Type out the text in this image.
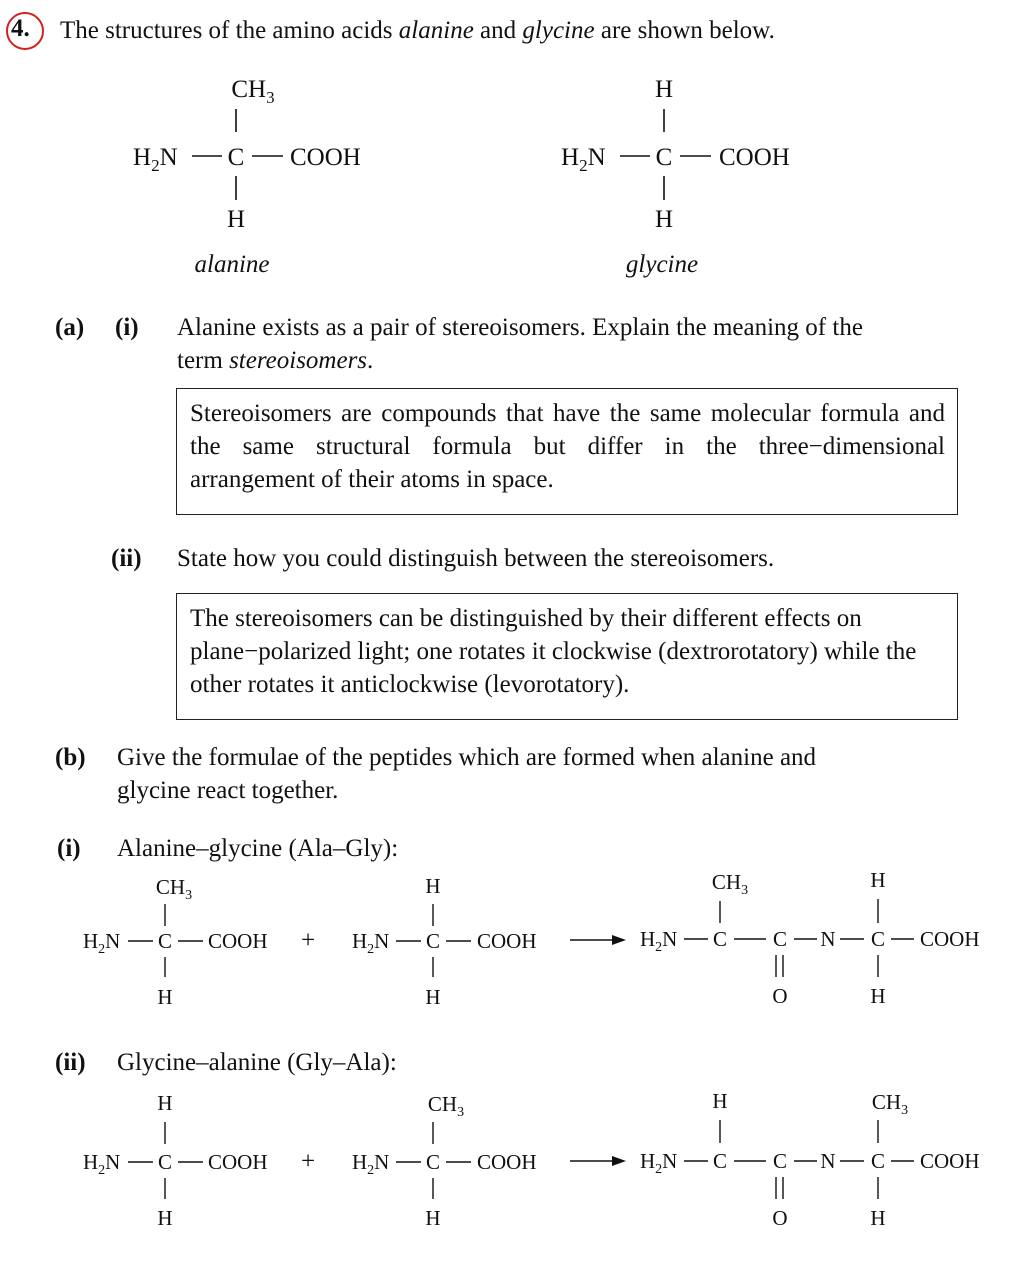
4. The structures of the amino acids alanine and glycine are shown below.
$CH_3$
$H_2N$ C COOH
H
alanine
H
$H_2N$ C COOH
H
glycine
(a) (i) Alanine exists as a pair of stereoisomers. Explain the meaning of the
term stereoisomers.
Stereoisomers are compounds that have the same molecular formula and the same structural formula but differ in the three−dimensional arrangement of their atoms in space.
(ii) State how you could distinguish between the stereoisomers.
The stereoisomers can be distinguished by their different effects on plane−polarized light; one rotates it clockwise (dextrorotatory) while the other rotates it anticlockwise (levorotatory).
(b) Give the formulae of the peptides which are formed when alanine and
glycine react together.
(i) Alanine–glycine (Ala–Gly):
$CH_3$
$H_2N$ C COOH
H
+
H
$H_2N$ C COOH
H
$CH_3$
$H_2N$ C C
O
N C COOH
H
H
(ii) Glycine–alanine (Gly–Ala):
H
$H_2N$ C COOH
H
+
$CH_3$
$H_2N$ C COOH
H
H
$H_2N$ C C
O
N C COOH
$CH_3$
H
